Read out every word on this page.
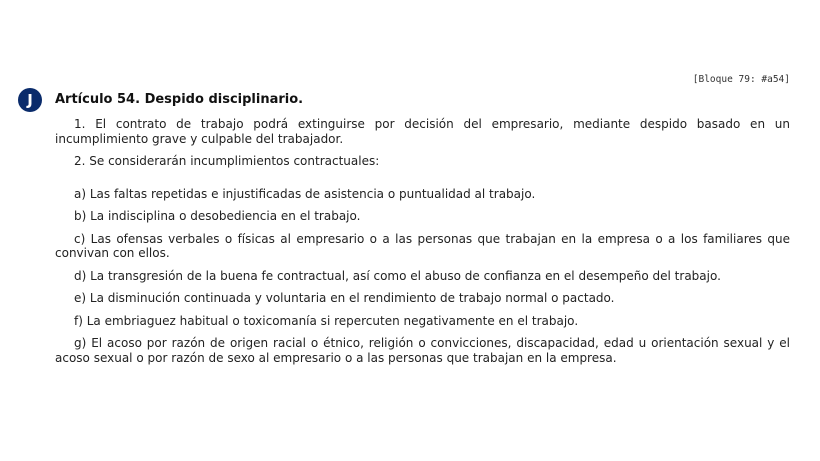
[Bloque 79: #a54]
J	Artículo 54. Despido disciplinario.

1. El contrato de trabajo podrá extinguirse por decisión del empresario, mediante despido basado en un incumplimiento grave y culpable del trabajador.

2. Se considerarán incumplimientos contractuales:

a) Las faltas repetidas e injustificadas de asistencia o puntualidad al trabajo.

b) La indisciplina o desobediencia en el trabajo.

c) Las ofensas verbales o físicas al empresario o a las personas que trabajan en la empresa o a los familiares que convivan con ellos.

d) La transgresión de la buena fe contractual, así como el abuso de confianza en el desempeño del trabajo.

e) La disminución continuada y voluntaria en el rendimiento de trabajo normal o pactado.

f) La embriaguez habitual o toxicomanía si repercuten negativamente en el trabajo.

g) El acoso por razón de origen racial o étnico, religión o convicciones, discapacidad, edad u orientación sexual y el acoso sexual o por razón de sexo al empresario o a las personas que trabajan en la empresa.
